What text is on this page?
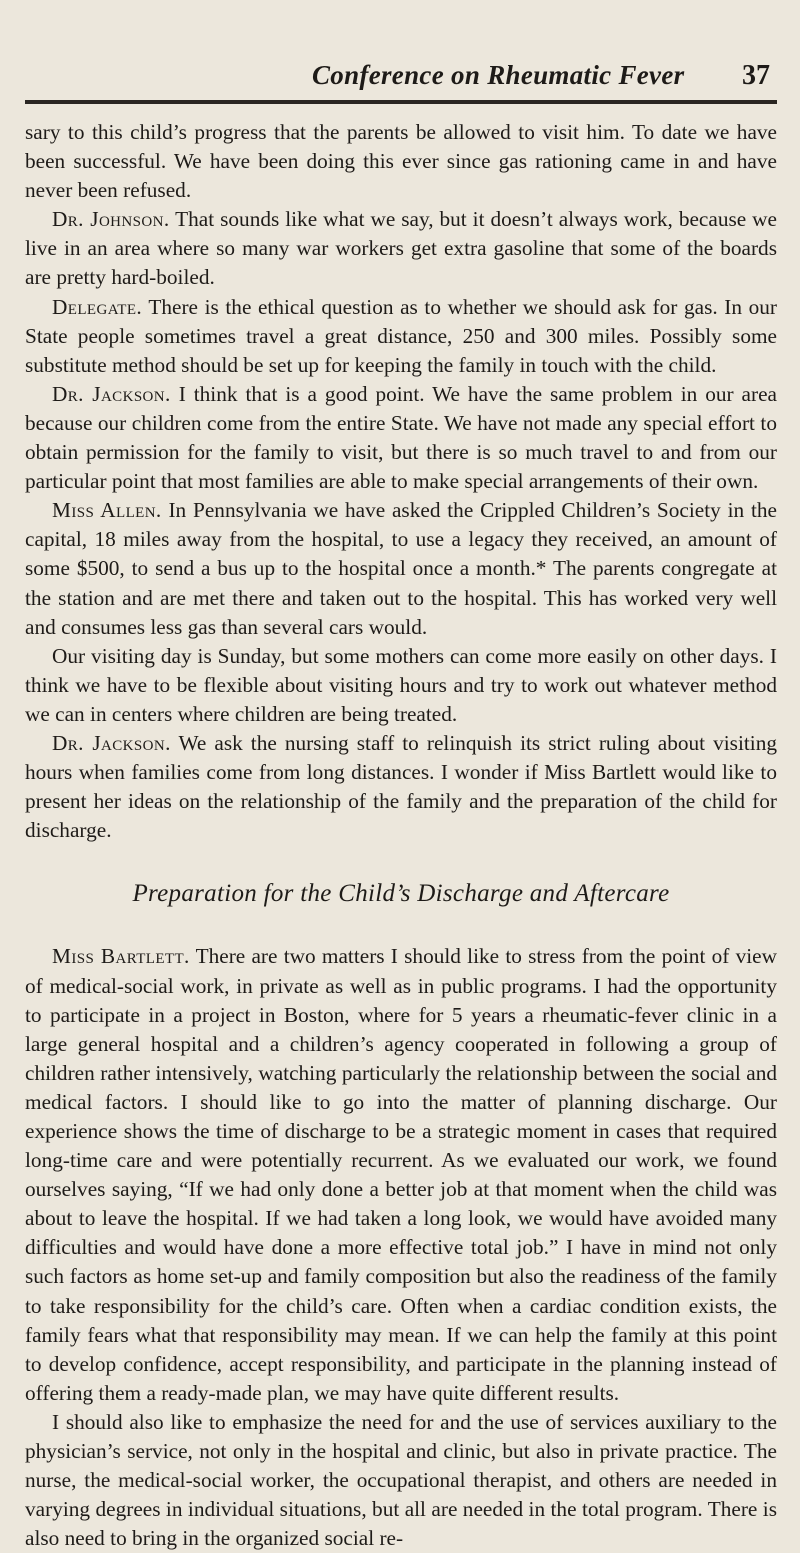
Conference on Rheumatic Fever 37

sary to this child’s progress that the parents be allowed to visit him. To date we have been successful. We have been doing this ever since gas rationing came in and have never been refused.

Dr. Johnson. That sounds like what we say, but it doesn’t always work, because we live in an area where so many war workers get extra gasoline that some of the boards are pretty hard-boiled.

Delegate. There is the ethical question as to whether we should ask for gas. In our State people sometimes travel a great distance, 250 and 300 miles. Possibly some substitute method should be set up for keeping the family in touch with the child.

Dr. Jackson. I think that is a good point. We have the same problem in our area because our children come from the entire State. We have not made any special effort to obtain permission for the family to visit, but there is so much travel to and from our particular point that most families are able to make special arrangements of their own.

Miss Allen. In Pennsylvania we have asked the Crippled Children’s Society in the capital, 18 miles away from the hospital, to use a legacy they received, an amount of some $500, to send a bus up to the hospital once a month.* The parents congregate at the station and are met there and taken out to the hospital. This has worked very well and consumes less gas than several cars would.

Our visiting day is Sunday, but some mothers can come more easily on other days. I think we have to be flexible about visiting hours and try to work out whatever method we can in centers where children are being treated.

Dr. Jackson. We ask the nursing staff to relinquish its strict ruling about visiting hours when families come from long distances. I wonder if Miss Bartlett would like to present her ideas on the relationship of the family and the preparation of the child for discharge.

Preparation for the Child’s Discharge and Aftercare

Miss Bartlett. There are two matters I should like to stress from the point of view of medical-social work, in private as well as in public programs. I had the opportunity to participate in a project in Boston, where for 5 years a rheumatic-fever clinic in a large general hospital and a children’s agency cooperated in following a group of children rather intensively, watching particularly the relationship between the social and medical factors. I should like to go into the matter of planning discharge. Our experience shows the time of discharge to be a strategic moment in cases that required long-time care and were potentially recurrent. As we evaluated our work, we found ourselves saying, “If we had only done a better job at that moment when the child was about to leave the hospital. If we had taken a long look, we would have avoided many difficulties and would have done a more effective total job.” I have in mind not only such factors as home set-up and family composition but also the readiness of the family to take responsibility for the child’s care. Often when a cardiac condition exists, the family fears what that responsibility may mean. If we can help the family at this point to develop confidence, accept responsibility, and participate in the planning instead of offering them a ready-made plan, we may have quite different results.

I should also like to emphasize the need for and the use of services auxiliary to the physician’s service, not only in the hospital and clinic, but also in private practice. The nurse, the medical-social worker, the occupational therapist, and others are needed in varying degrees in individual situations, but all are needed in the total program. There is also need to bring in the organized social re-
